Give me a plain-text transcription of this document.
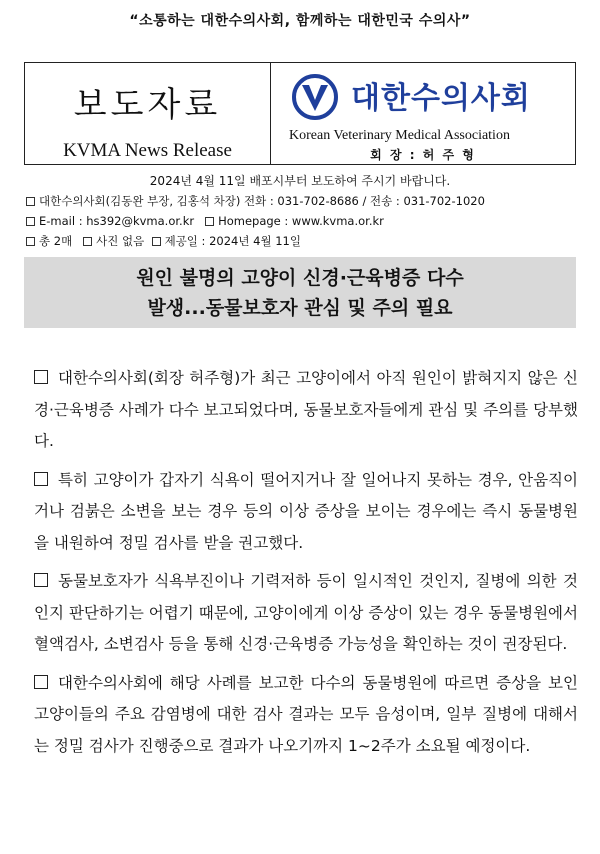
“소통하는 대한수의사회, 함께하는 대한민국 수의사”
보도자료
KVMA News Release
대한수의사회
Korean Veterinary Medical Association
회 장 : 허 주 형
2024년 4월 11일 배포시부터 보도하여 주시기 바랍니다.
대한수의사회(김동완 부장, 김홍석 차장) 전화 : 031-702-8686 / 전송 : 031-702-1020
E-mail : hs392@kvma.or.kr Homepage : www.kvma.or.kr
총 2매 사진 없음 제공일 : 2024년 4월 11일
원인 불명의 고양이 신경·근육병증 다수
발생...동물보호자 관심 및 주의 필요
대한수의사회(회장 허주형)가 최근 고양이에서 아직 원인이 밝혀지지 않은 신경·근육병증 사례가 다수 보고되었다며, 동물보호자들에게 관심 및 주의를 당부했다.
특히 고양이가 갑자기 식욕이 떨어지거나 잘 일어나지 못하는 경우, 안움직이거나 검붉은 소변을 보는 경우 등의 이상 증상을 보이는 경우에는 즉시 동물병원을 내원하여 정밀 검사를 받을 권고했다.
동물보호자가 식욕부진이나 기력저하 등이 일시적인 것인지, 질병에 의한 것인지 판단하기는 어렵기 때문에, 고양이에게 이상 증상이 있는 경우 동물병원에서 혈액검사, 소변검사 등을 통해 신경·근육병증 가능성을 확인하는 것이 권장된다.
대한수의사회에 해당 사례를 보고한 다수의 동물병원에 따르면 증상을 보인 고양이들의 주요 감염병에 대한 검사 결과는 모두 음성이며, 일부 질병에 대해서는 정밀 검사가 진행중으로 결과가 나오기까지 1~2주가 소요될 예정이다.
